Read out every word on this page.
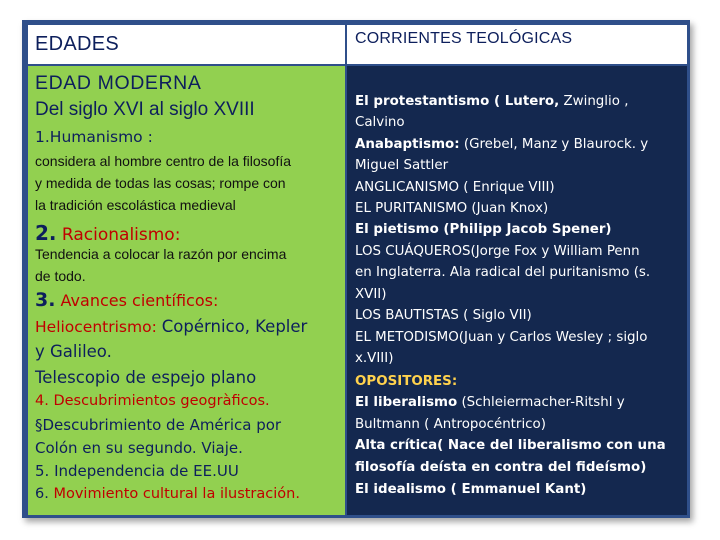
EDADES	CORRIENTES TEOLÓGICAS
EDAD MODERNA
Del siglo XVI al siglo XVIII
1.Humanismo :
considera al hombre centro de la filosofía
y medida de todas las cosas; rompe con
la tradición escolástica medieval
2. Racionalismo:
Tendencia a colocar la razón por encima
de todo.
3. Avances científicos:
Heliocentrismo: Copérnico, Kepler
y Galileo.
Telescopio de espejo plano
4. Descubrimientos geogràficos.
§Descubrimiento de América por
Colón en su segundo. Viaje.
5. Independencia de EE.UU
6. Movimiento cultural la ilustración.
El protestantismo ( Lutero, Zwinglio ,
Calvino
Anabaptismo: (Grebel, Manz y Blaurock. y
Miguel Sattler
ANGLICANISMO ( Enrique VIII)
EL PURITANISMO (Juan Knox)
El pietismo (Philipp Jacob Spener)
LOS CUÁQUEROS(Jorge Fox y William Penn
en Inglaterra. Ala radical del puritanismo (s.
XVII)
LOS BAUTISTAS ( Siglo VII)
EL METODISMO(Juan y Carlos Wesley ; siglo
x.VIII)
OPOSITORES:
El liberalismo (Schleiermacher-Ritshl y
Bultmann ( Antropocéntrico)
Alta crítica( Nace del liberalismo con una
filosofía deísta en contra del fideísmo)
El idealismo ( Emmanuel Kant)
